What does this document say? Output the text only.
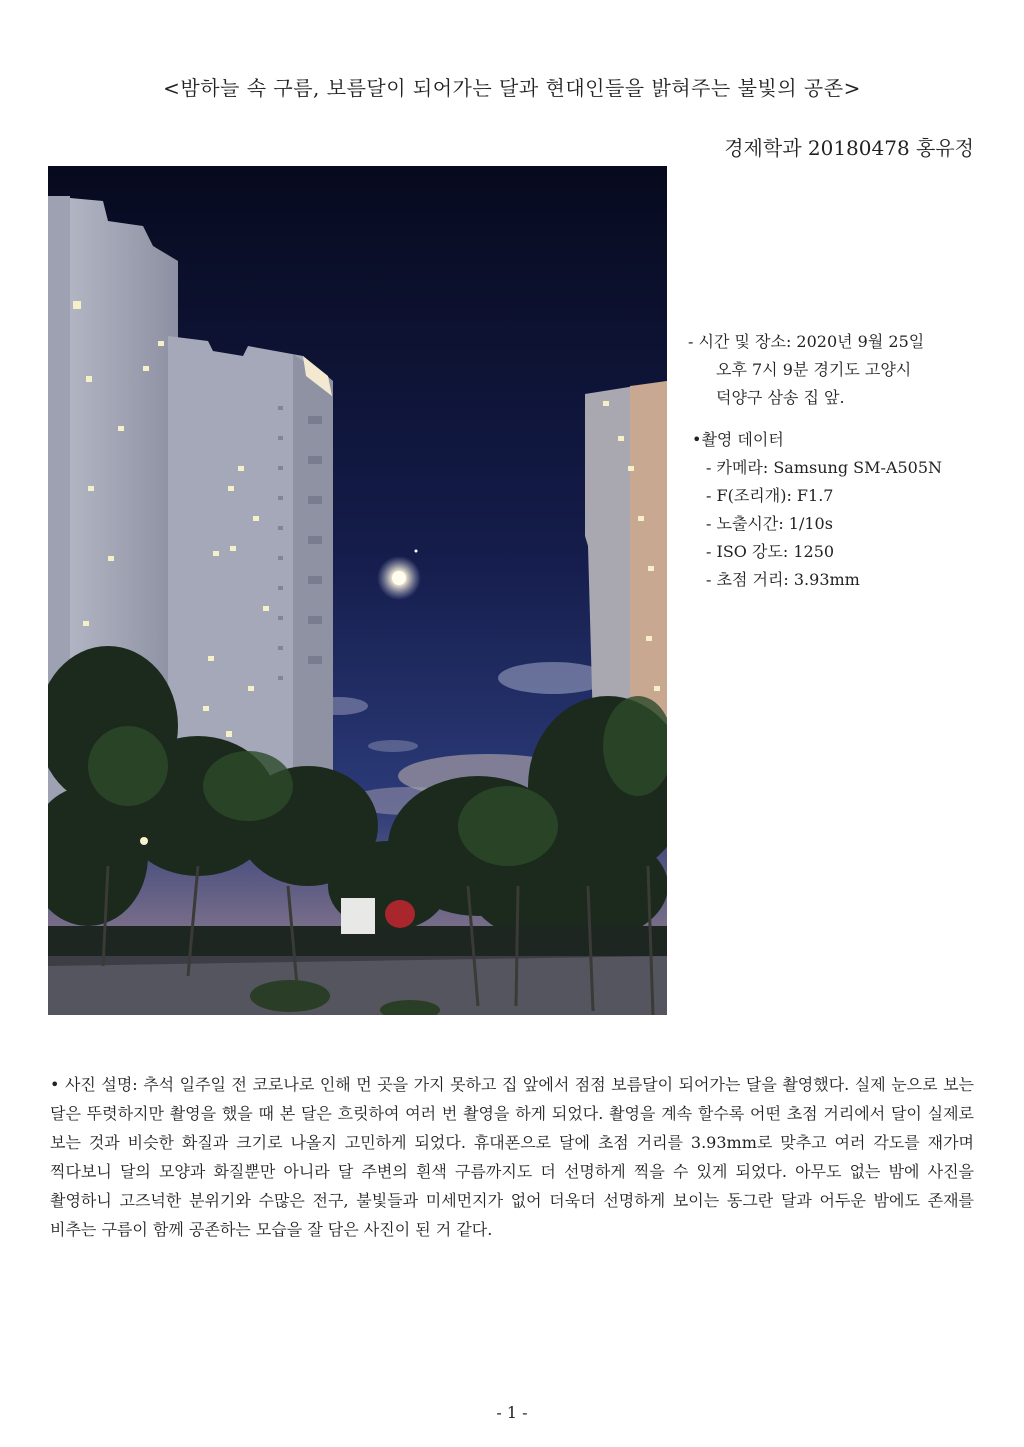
<밤하늘 속 구름, 보름달이 되어가는 달과 현대인들을 밝혀주는 불빛의 공존>
경제학과 20180478 홍유정
- 시간 및 장소: 2020년 9월 25일
오후 7시 9분 경기도 고양시
덕양구 삼송 집 앞.
•촬영 데이터
- 카메라: Samsung SM-A505N
- F(조리개): F1.7
- 노출시간: 1/10s
- ISO 강도: 1250
- 초점 거리: 3.93mm
• 사진 설명: 추석 일주일 전 코로나로 인해 먼 곳을 가지 못하고 집 앞에서 점점 보름달이 되어가는 달을 촬영했다. 실제 눈으로 보는 달은 뚜렷하지만 촬영을 했을 때 본 달은 흐릿하여 여러 번 촬영을 하게 되었다. 촬영을 계속 할수록 어떤 초점 거리에서 달이 실제로 보는 것과 비슷한 화질과 크기로 나올지 고민하게 되었다. 휴대폰으로 달에 초점 거리를 3.93mm로 맞추고 여러 각도를 재가며 찍다보니 달의 모양과 화질뿐만 아니라 달 주변의 흰색 구름까지도 더 선명하게 찍을 수 있게 되었다. 아무도 없는 밤에 사진을 촬영하니 고즈넉한 분위기와 수많은 전구, 불빛들과 미세먼지가 없어 더욱더 선명하게 보이는 동그란 달과 어두운 밤에도 존재를 비추는 구름이 함께 공존하는 모습을 잘 담은 사진이 된 거 같다.
- 1 -
